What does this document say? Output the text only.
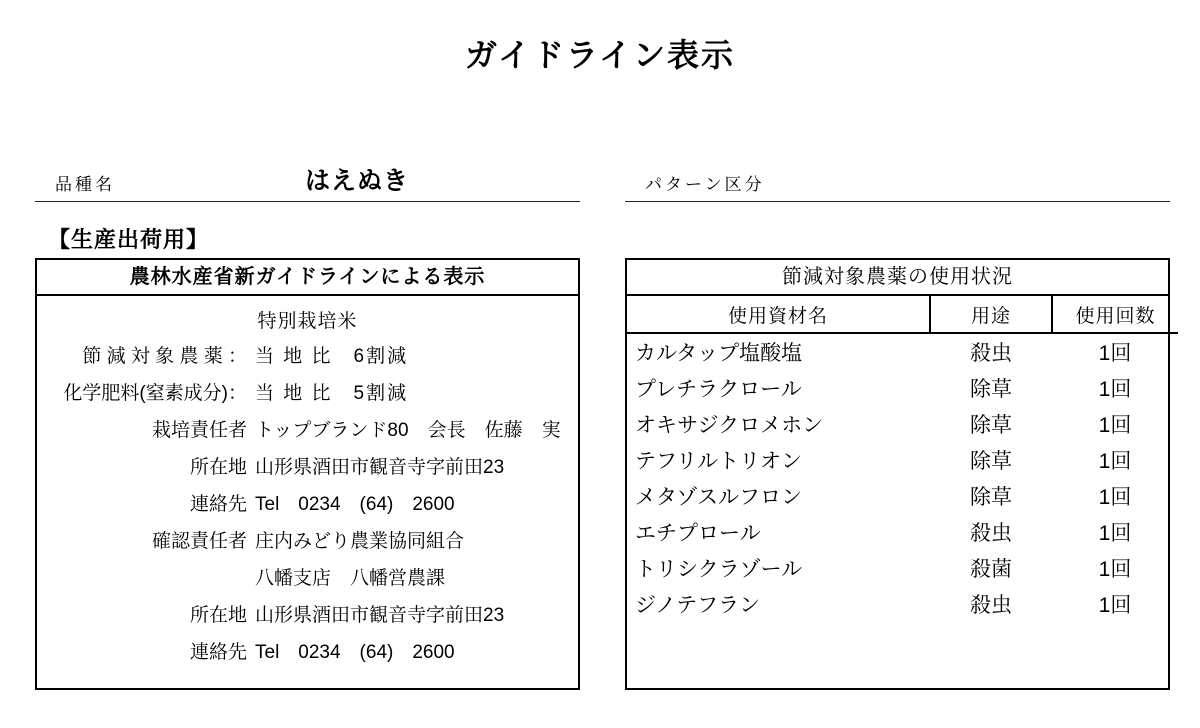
ガイドライン表示
品種名	はえぬき	パターン区分
【生産出荷用】
農林水産省新ガイドラインによる表示
特別栽培米
節 減 対 象 農 薬 ： 当 地 比　6割減
化学肥料(窒素成分)： 当 地 比　5割減
栽培責任者 トップブランド80　会長　佐藤　実
所在地 山形県酒田市観音寺字前田23
連絡先 Tel　0234　(64)　2600
確認責任者 庄内みどり農業協同組合
八幡支店　八幡営農課
所在地 山形県酒田市観音寺字前田23
連絡先 Tel　0234　(64)　2600
節減対象農薬の使用状況
使用資材名	用途	使用回数
カルタップ塩酸塩	殺虫	1回
プレチラクロール	除草	1回
オキサジクロメホン	除草	1回
テフリルトリオン	除草	1回
メタゾスルフロン	除草	1回
エチプロール	殺虫	1回
トリシクラゾール	殺菌	1回
ジノテフラン	殺虫	1回
